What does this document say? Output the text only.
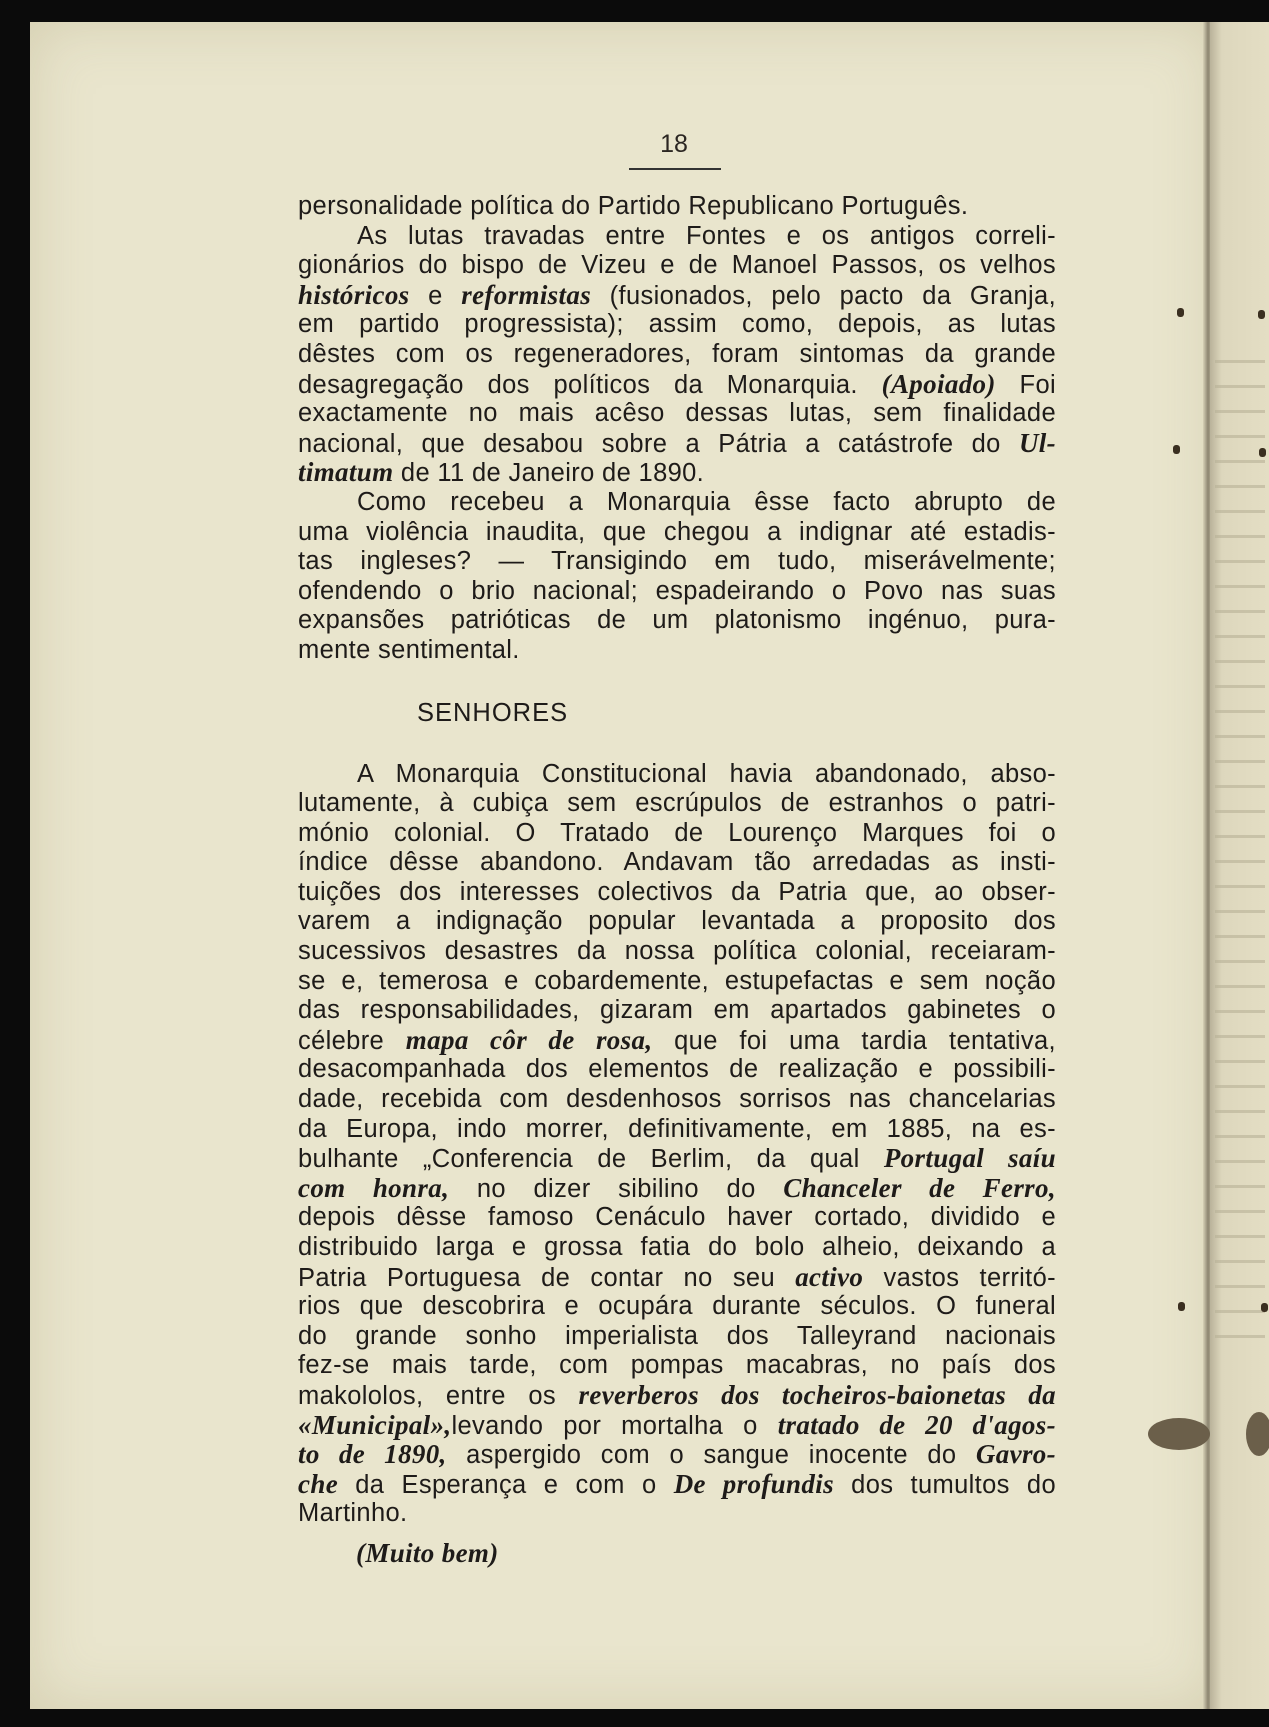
18
personalidade política do Partido Republicano Português.
As lutas travadas entre Fontes e os antigos correli-
gionários do bispo de Vizeu e de Manoel Passos, os velhos
históricos e reformistas (fusionados, pelo pacto da Granja,
em partido progressista); assim como, depois, as lutas
dêstes com os regeneradores, foram sintomas da grande
desagregação dos políticos da Monarquia. (Apoiado) Foi
exactamente no mais acêso dessas lutas, sem finalidade
nacional, que desabou sobre a Pátria a catástrofe do Ul-
timatum de 11 de Janeiro de 1890.
Como recebeu a Monarquia êsse facto abrupto de
uma violência inaudita, que chegou a indignar até estadis-
tas ingleses? — Transigindo em tudo, miserávelmente;
ofendendo o brio nacional; espadeirando o Povo nas suas
expansões patrióticas de um platonismo ingénuo, pura-
mente sentimental.
SENHORES
A Monarquia Constitucional havia abandonado, abso-
lutamente, à cubiça sem escrúpulos de estranhos o patri-
mónio colonial. O Tratado de Lourenço Marques foi o
índice dêsse abandono. Andavam tão arredadas as insti-
tuições dos interesses colectivos da Patria que, ao obser-
varem a indignação popular levantada a proposito dos
sucessivos desastres da nossa política colonial, receiaram-
se e, temerosa e cobardemente, estupefactas e sem noção
das responsabilidades, gizaram em apartados gabinetes o
célebre mapa côr de rosa, que foi uma tardia tentativa,
desacompanhada dos elementos de realização e possibili-
dade, recebida com desdenhosos sorrisos nas chancelarias
da Europa, indo morrer, definitivamente, em 1885, na es-
bulhante „Conferencia de Berlim, da qual Portugal saíu
com honra, no dizer sibilino do Chanceler de Ferro,
depois dêsse famoso Cenáculo haver cortado, dividido e
distribuido larga e grossa fatia do bolo alheio, deixando a
Patria Portuguesa de contar no seu activo vastos territó-
rios que descobrira e ocupára durante séculos. O funeral
do grande sonho imperialista dos Talleyrand nacionais
fez-se mais tarde, com pompas macabras, no país dos
makololos, entre os reverberos dos tocheiros-baionetas da
«Municipal»,levando por mortalha o tratado de 20 d'agos-
to de 1890, aspergido com o sangue inocente do Gavro-
che da Esperança e com o De profundis dos tumultos do
Martinho.
(Muito bem)
